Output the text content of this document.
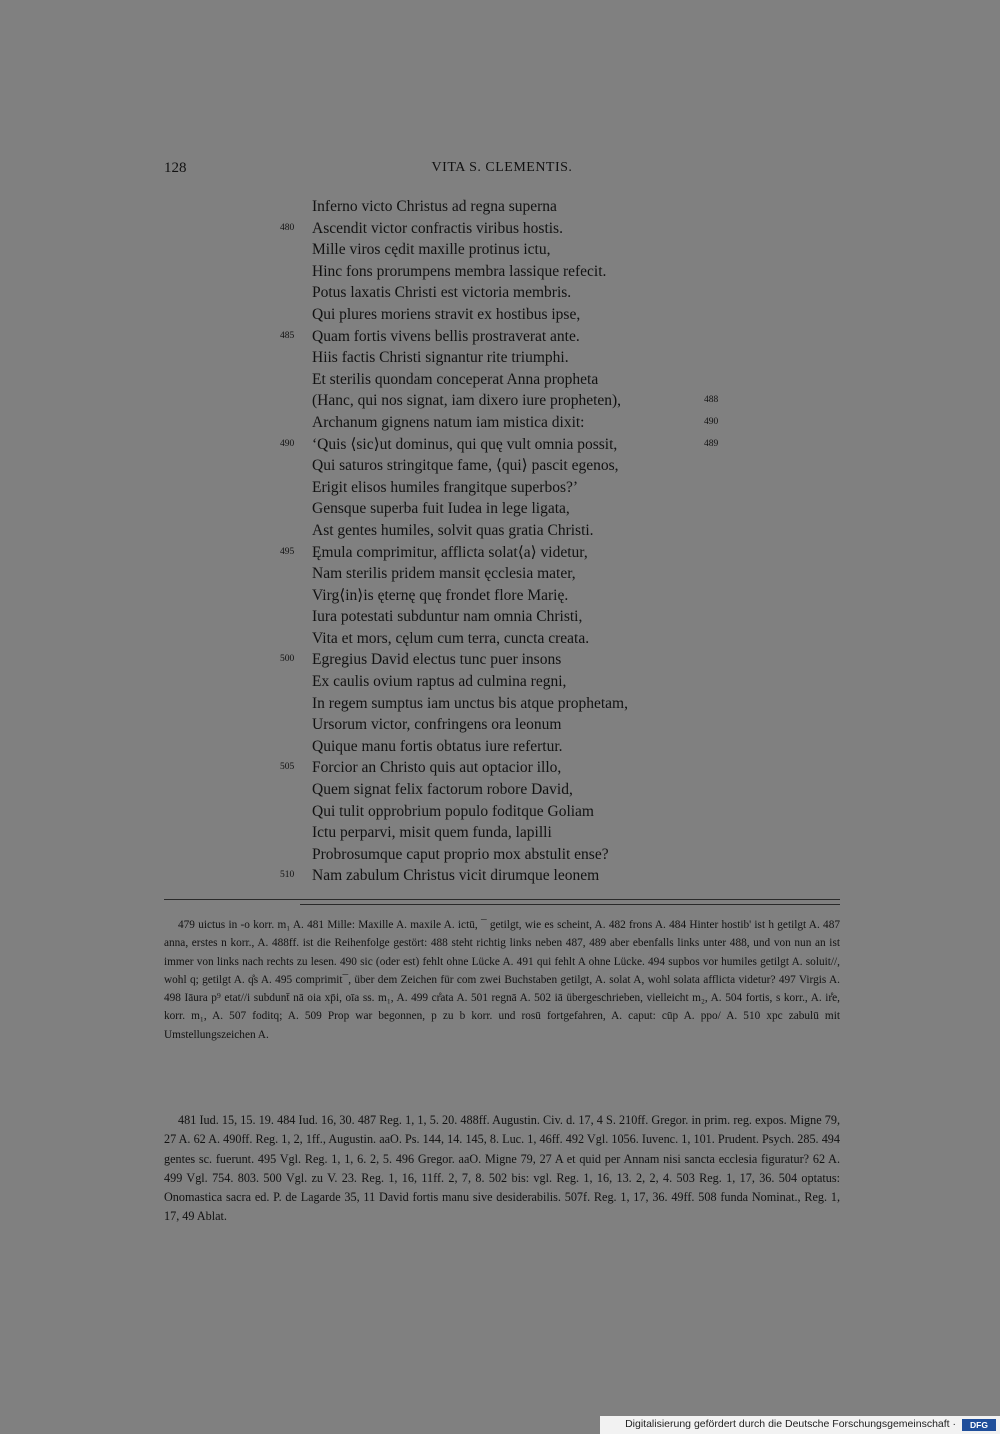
128	VITA S. CLEMENTIS.
Inferno victo Christus ad regna superna
480	Ascendit victor confractis viribus hostis.
Mille viros cędit maxille protinus ictu,
Hinc fons prorumpens membra lassique refecit.
Potus laxatis Christi est victoria membris.
Qui plures moriens stravit ex hostibus ipse,
485	Quam fortis vivens bellis prostraverat ante.
Hiis factis Christi signantur rite triumphi.
Et sterilis quondam conceperat Anna propheta
(Hanc, qui nos signat, iam dixero iure propheten),	488
Archanum gignens natum iam mistica dixit:	490
490	‘Quis ⟨sic⟩ut dominus, qui quę vult omnia possit,	489
Qui saturos stringitque fame, ⟨qui⟩ pascit egenos,
Erigit elisos humiles frangitque superbos?’
Gensque superba fuit Iudea in lege ligata,
Ast gentes humiles, solvit quas gratia Christi.
495	Ęmula comprimitur, afflicta solat⟨a⟩ videtur,
Nam sterilis pridem mansit ęcclesia mater,
Virg⟨in⟩is ęternę quę frondet flore Marię.
Iura potestati subduntur nam omnia Christi,
Vita et mors, cęlum cum terra, cuncta creata.
500	Egregius David electus tunc puer insons
Ex caulis ovium raptus ad culmina regni,
In regem sumptus iam unctus bis atque prophetam,
Ursorum victor, confringens ora leonum
Quique manu fortis obtatus iure refertur.
505	Forcior an Christo quis aut optacior illo,
Quem signat felix factorum robore David,
Qui tulit opprobrium populo foditque Goliam
Ictu perparvi, misit quem funda, lapilli
Probrosumque caput proprio mox abstulit ense?
510	Nam zabulum Christus vicit dirumque leonem

479 uictus in -o korr. m₁ A. 481 Mille: Maxille A. maxile A. ictū, ¯ getilgt, wie es scheint, A. 482 frons A. 484 Hinter hostib' ist h getilgt A. 487 anna, erstes n korr., A. 488ff. ist die Reihenfolge gestört: 488 steht richtig links neben 487, 489 aber ebenfalls links unter 488, und von nun an ist immer von links nach rechts zu lesen. 490 sic (oder est) fehlt ohne Lücke A. 491 qui fehlt A ohne Lücke. 494 supbos vor humiles getilgt A. soluit//, wohl q; getilgt A. q̊s A. 495 comprimit¯, über dem Zeichen für com zwei Buchstaben getilgt, A. solat A, wohl solata afflicta videtur? 497 Virgis A. 498 Iāura p⁹ etat//i subdunt̄ nā oia xp̄i, oīa ss. m₁, A. 499 cr̊ata A. 501 regnā A. 502 iā übergeschrieben, vielleicht m₂, A. 504 fortis, s korr., A. ir̊e, korr. m₁, A. 507 foditq; A. 509 Prop war begonnen, p zu b korr. und rosū fortgefahren, A. caput: cūp A. ppo/ A. 510 xpc zabulū mit Umstellungszeichen A.

481 Iud. 15, 15. 19. 484 Iud. 16, 30. 487 Reg. 1, 1, 5. 20. 488ff. Augustin. Civ. d. 17, 4 S. 210ff. Gregor. in prim. reg. expos. Migne 79, 27 A. 62 A. 490ff. Reg. 1, 2, 1ff., Augustin. aaO. Ps. 144, 14. 145, 8. Luc. 1, 46ff. 492 Vgl. 1056. Iuvenc. 1, 101. Prudent. Psych. 285. 494 gentes sc. fuerunt. 495 Vgl. Reg. 1, 1, 6. 2, 5. 496 Gregor. aaO. Migne 79, 27 A et quid per Annam nisi sancta ecclesia figuratur? 62 A. 499 Vgl. 754. 803. 500 Vgl. zu V. 23. Reg. 1, 16, 11ff. 2, 7, 8. 502 bis: vgl. Reg. 1, 16, 13. 2, 2, 4. 503 Reg. 1, 17, 36. 504 optatus: Onomastica sacra ed. P. de Lagarde 35, 11 David fortis manu sive desiderabilis. 507f. Reg. 1, 17, 36. 49ff. 508 funda Nominat., Reg. 1, 17, 49 Ablat.

Digitalisierung gefördert durch die Deutsche Forschungsgemeinschaft ·	DFG
